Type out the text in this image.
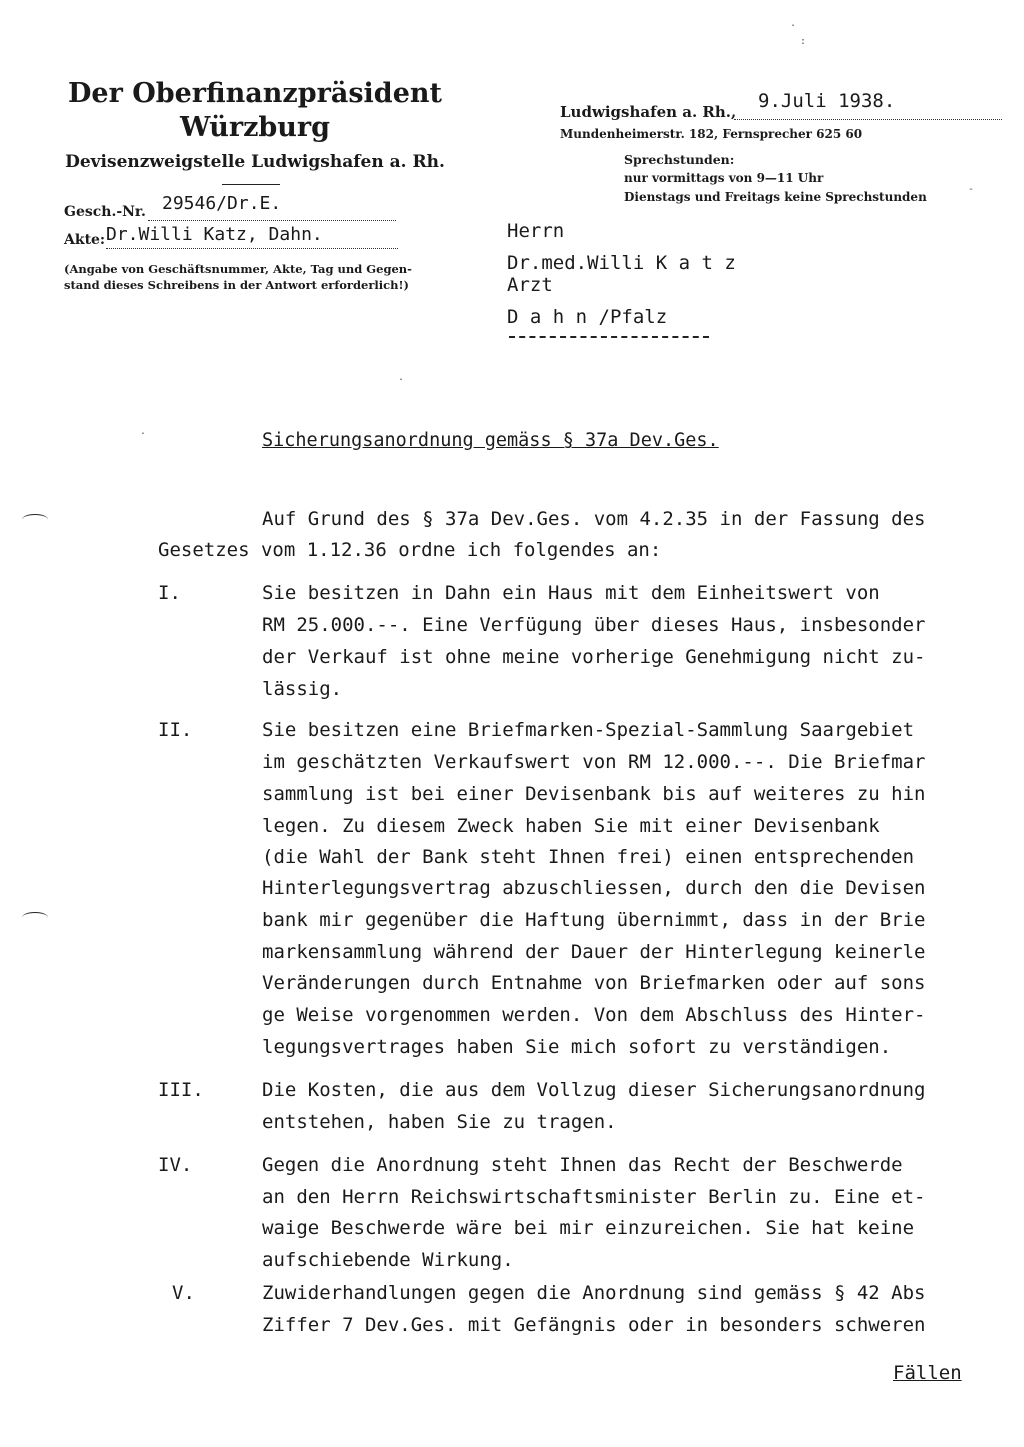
Der Oberfinanzpräsident
Würzburg
Devisenzweigstelle Ludwigshafen a. Rh.
Gesch.-Nr. 29546/Dr.E.
Akte: Dr.Willi Katz, Dahn.
(Angabe von Geschäftsnummer, Akte, Tag und Gegen-
stand dieses Schreibens in der Antwort erforderlich!)
Ludwigshafen a. Rh., 9.Juli 1938.
Mundenheimerstr. 182, Fernsprecher 625 60
Sprechstunden:
nur vormittags von 9—11 Uhr
Dienstags und Freitags keine Sprechstunden
Herrn
Dr.med.Willi K a t z
Arzt
D a h n /Pfalz
Sicherungsanordnung gemäss § 37a Dev.Ges.
Auf Grund des § 37a Dev.Ges. vom 4.2.35 in der Fassung des
Gesetzes vom 1.12.36 ordne ich folgendes an:
I.	Sie besitzen in Dahn ein Haus mit dem Einheitswert von
RM 25.000.--. Eine Verfügung über dieses Haus, insbesonder
der Verkauf ist ohne meine vorherige Genehmigung nicht zu-
lässig.
II.	Sie besitzen eine Briefmarken-Spezial-Sammlung Saargebiet
im geschätzten Verkaufswert von RM 12.000.--. Die Briefmar
sammlung ist bei einer Devisenbank bis auf weiteres zu hin
legen. Zu diesem Zweck haben Sie mit einer Devisenbank
(die Wahl der Bank steht Ihnen frei) einen entsprechenden
Hinterlegungsvertrag abzuschliessen, durch den die Devisen
bank mir gegenüber die Haftung übernimmt, dass in der Brie
markensammlung während der Dauer der Hinterlegung keinerle
Veränderungen durch Entnahme von Briefmarken oder auf sons
ge Weise vorgenommen werden. Von dem Abschluss des Hinter-
legungsvertrages haben Sie mich sofort zu verständigen.
III.	Die Kosten, die aus dem Vollzug dieser Sicherungsanordnung
entstehen, haben Sie zu tragen.
IV.	Gegen die Anordnung steht Ihnen das Recht der Beschwerde
an den Herrn Reichswirtschaftsminister Berlin zu. Eine et-
waige Beschwerde wäre bei mir einzureichen. Sie hat keine
aufschiebende Wirkung.
V.	Zuwiderhandlungen gegen die Anordnung sind gemäss § 42 Abs
Ziffer 7 Dev.Ges. mit Gefängnis oder in besonders schweren
Fällen
.
:
-
.
.
